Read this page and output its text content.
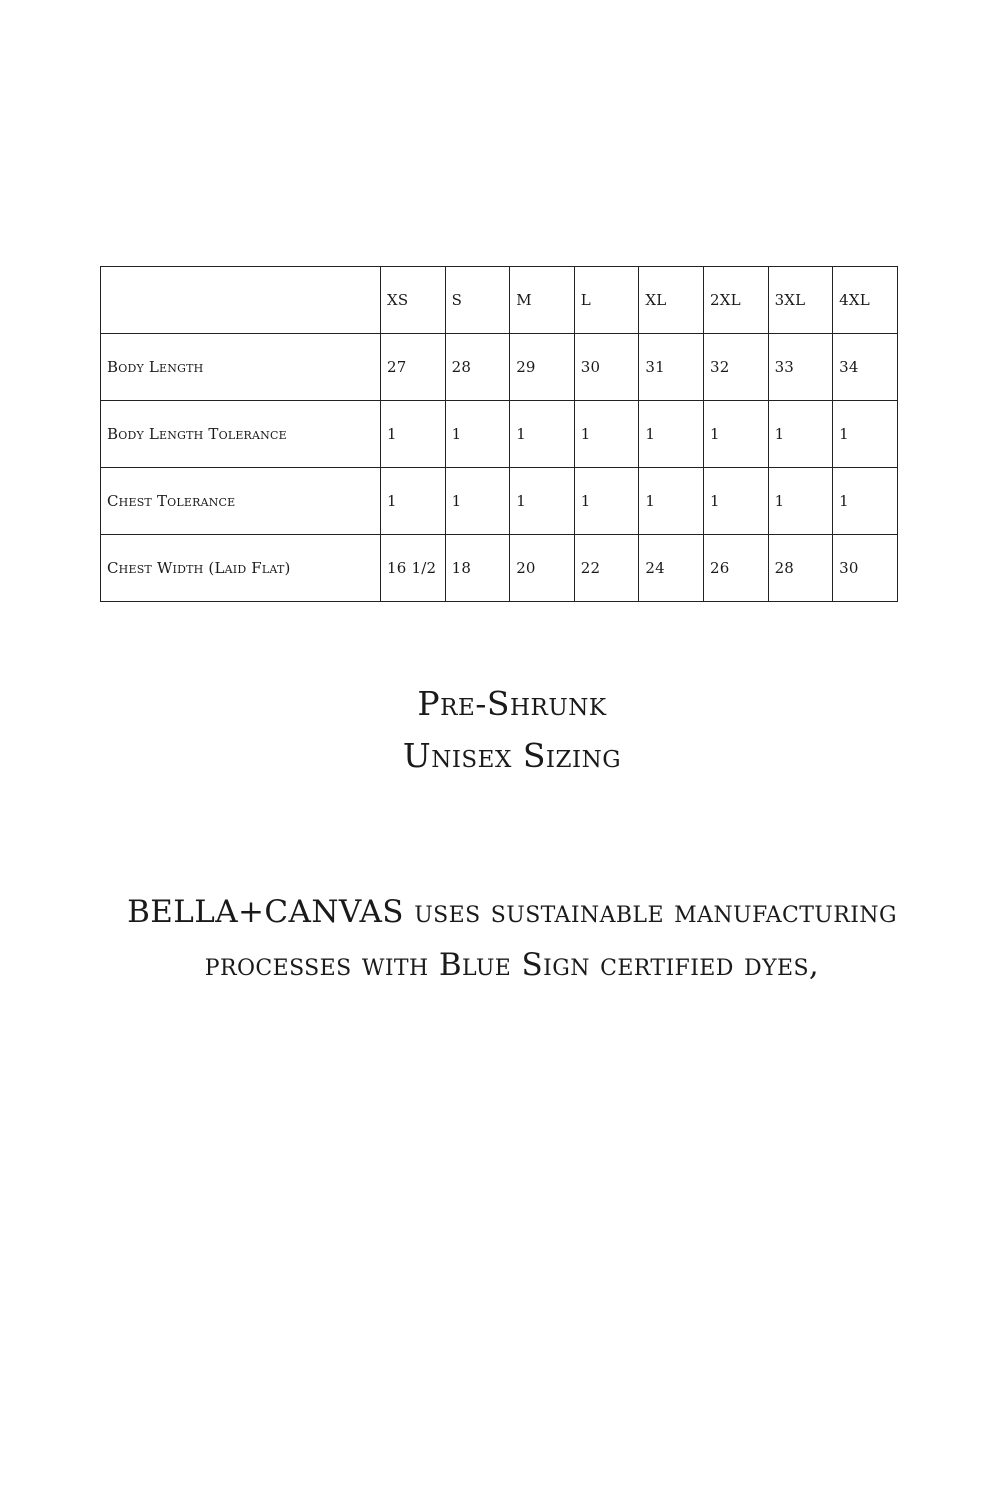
	XS	S	M	L	XL	2XL	3XL	4XL
Body Length	27	28	29	30	31	32	33	34
Body Length Tolerance	1	1	1	1	1	1	1	1
Chest Tolerance	1	1	1	1	1	1	1	1
Chest Width (Laid Flat)	16 1/2	18	20	22	24	26	28	30
Pre-Shrunk
Unisex Sizing
BELLA+CANVAS uses sustainable manufacturing
processes with Blue Sign certified dyes,
